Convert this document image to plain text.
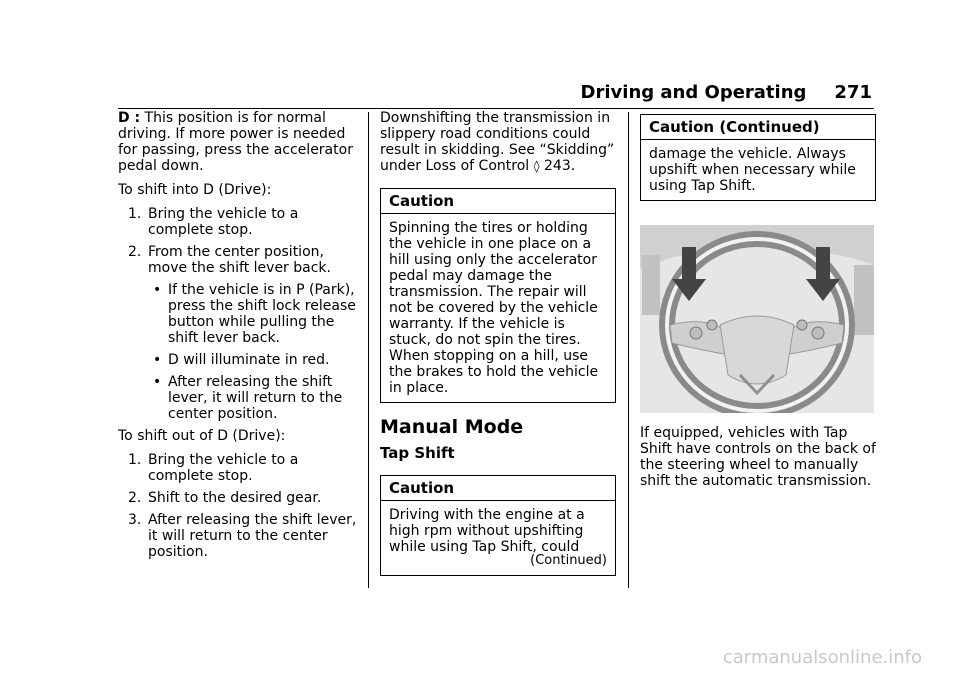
Driving and Operating 271

D : This position is for normal driving. If more power is needed for passing, press the accelerator pedal down.

To shift into D (Drive):

1. Bring the vehicle to a complete stop.
2. From the center position, move the shift lever back.
• If the vehicle is in P (Park), press the shift lock release button while pulling the shift lever back.
• D will illuminate in red.
• After releasing the shift lever, it will return to the center position.

To shift out of D (Drive):

1. Bring the vehicle to a complete stop.
2. Shift to the desired gear.
3. After releasing the shift lever, it will return to the center position.

Downshifting the transmission in slippery road conditions could result in skidding. See “Skidding” under Loss of Control ◊ 243.

Caution
Spinning the tires or holding the vehicle in one place on a hill using only the accelerator pedal may damage the transmission. The repair will not be covered by the vehicle warranty. If the vehicle is stuck, do not spin the tires. When stopping on a hill, use the brakes to hold the vehicle in place.
Manual Mode
Tap Shift
Caution
Driving with the engine at a high rpm without upshifting while using Tap Shift, could
(Continued)
Caution (Continued)
damage the vehicle. Always upshift when necessary while using Tap Shift.

If equipped, vehicles with Tap Shift have controls on the back of the steering wheel to manually shift the automatic transmission.

carmanualsonline.info
